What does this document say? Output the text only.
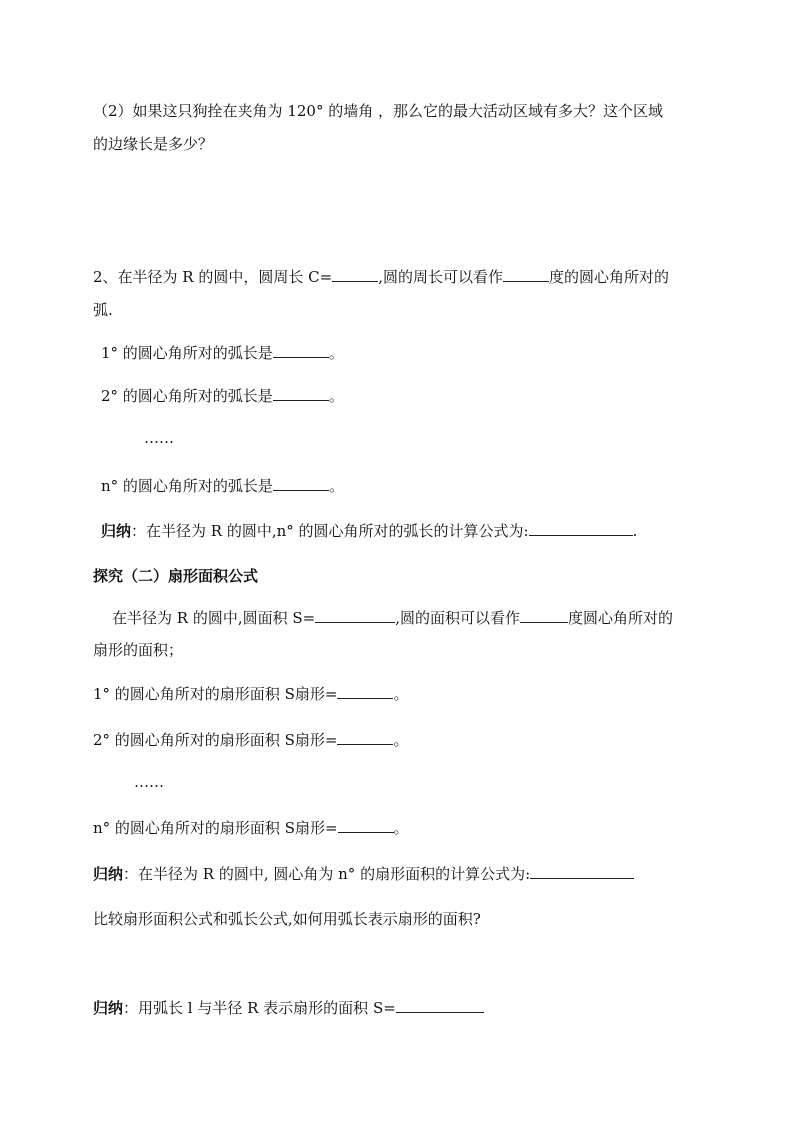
（2）如果这只狗拴在夹角为 120° 的墙角 ，那么它的最大活动区域有多大？这个区域
的边缘长是多少？
2、在半径为 R 的圆中，圆周长 C=	,圆的周长可以看作	度的圆心角所对的
弧.
1° 的圆心角所对的弧长是	。
2° 的圆心角所对的弧长是	。
……
n° 的圆心角所对的弧长是	。
归纳：在半径为 R 的圆中,n° 的圆心角所对的弧长的计算公式为:	.
探究（二）扇形面积公式
在半径为 R 的圆中,圆面积 S=	,圆的面积可以看作	度圆心角所对的
扇形的面积；
1° 的圆心角所对的扇形面积 S扇形=	。
2° 的圆心角所对的扇形面积 S扇形=	。
……
n° 的圆心角所对的扇形面积 S扇形=	。
归纳：在半径为 R 的圆中, 圆心角为 n° 的扇形面积的计算公式为:
比较扇形面积公式和弧长公式,如何用弧长表示扇形的面积?
归纳：用弧长 l 与半径 R 表示扇形的面积 S=
